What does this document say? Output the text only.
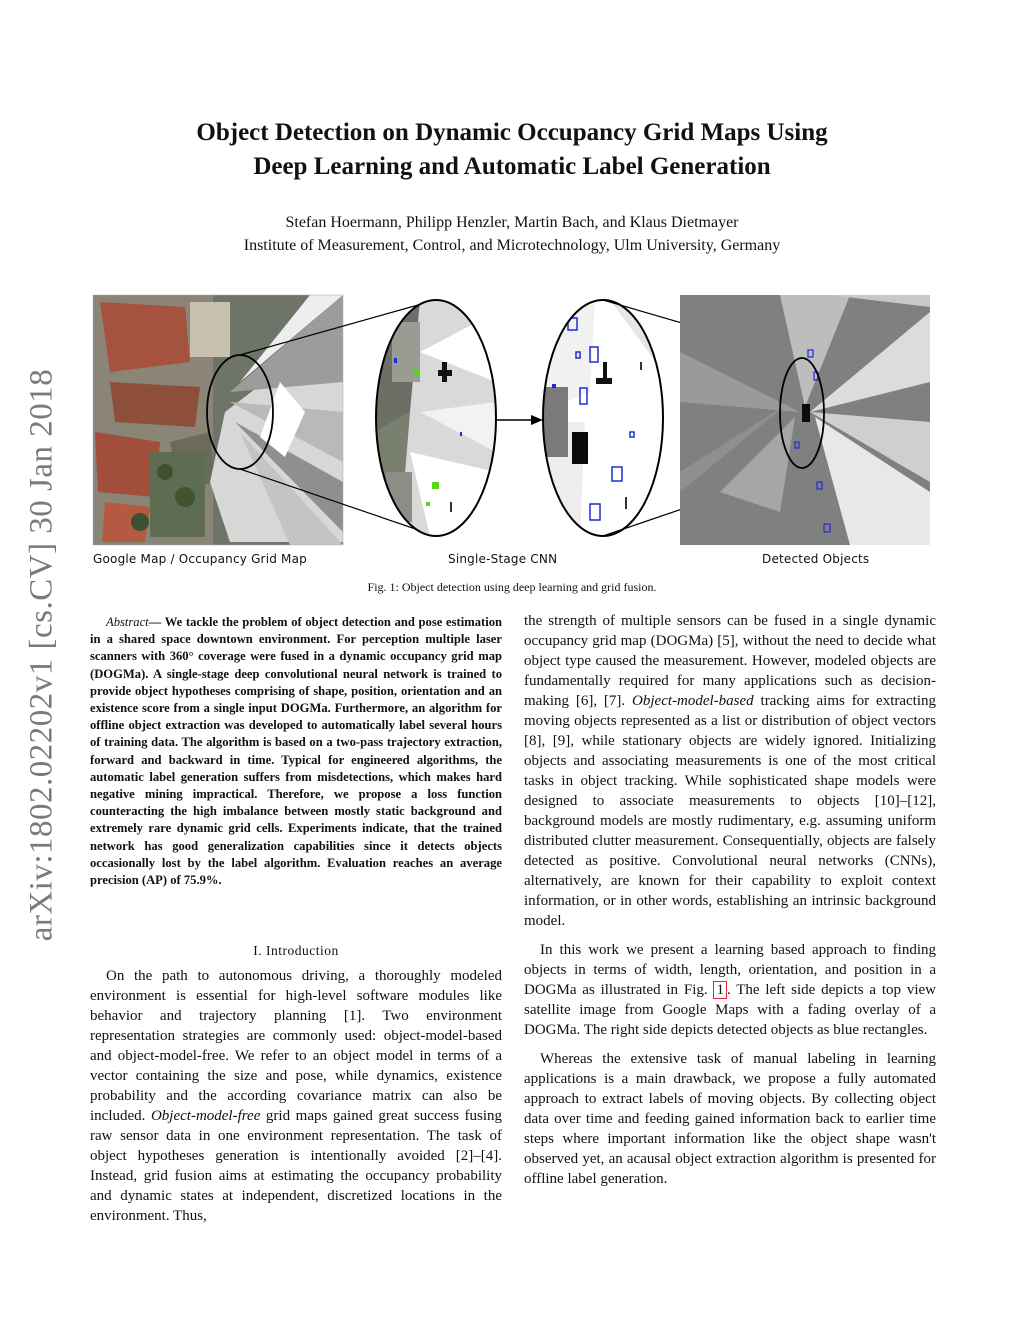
arXiv:1802.02202v1 [cs.CV] 30 Jan 2018
Object Detection on Dynamic Occupancy Grid Maps Using
Deep Learning and Automatic Label Generation
Stefan Hoermann, Philipp Henzler, Martin Bach, and Klaus Dietmayer
Institute of Measurement, Control, and Microtechnology, Ulm University, Germany
Google Map / Occupancy Grid Map	Single-Stage CNN	Detected Objects
Fig. 1: Object detection using deep learning and grid fusion.
Abstract— We tackle the problem of object detection and pose estimation in a shared space downtown environment. For perception multiple laser scanners with 360° coverage were fused in a dynamic occupancy grid map (DOGMa). A single-stage deep convolutional neural network is trained to provide object hypotheses comprising of shape, position, orientation and an existence score from a single input DOGMa. Furthermore, an algorithm for offline object extraction was developed to automatically label several hours of training data. The algorithm is based on a two-pass trajectory extraction, forward and backward in time. Typical for engineered algorithms, the automatic label generation suffers from misdetections, which makes hard negative mining impractical. Therefore, we propose a loss function counteracting the high imbalance between mostly static background and extremely rare dynamic grid cells. Experiments indicate, that the trained network has good generalization capabilities since it detects objects occasionally lost by the label algorithm. Evaluation reaches an average precision (AP) of 75.9%.
I. Introduction

On the path to autonomous driving, a thoroughly modeled environment is essential for high-level software modules like behavior and trajectory planning [1]. Two environment representation strategies are commonly used: object-model-based and object-model-free. We refer to an object model in terms of a vector containing the size and pose, while dynamics, existence probability and the according covariance matrix can also be included. Object-model-free grid maps gained great success fusing raw sensor data in one environment representation. The task of object hypotheses generation is intentionally avoided [2]–[4]. Instead, grid fusion aims at estimating the occupancy probability and dynamic states at independent, discretized locations in the environment. Thus,

the strength of multiple sensors can be fused in a single dynamic occupancy grid map (DOGMa) [5], without the need to decide what object type caused the measurement. However, modeled objects are fundamentally required for many applications such as decision-making [6], [7]. Object-model-based tracking aims for extracting moving objects represented as a list or distribution of object vectors [8], [9], while stationary objects are widely ignored. Initializing objects and associating measurements is one of the most critical tasks in object tracking. While sophisticated shape models were designed to associate measurements to objects [10]–[12], background models are mostly rudimentary, e.g. assuming uniform distributed clutter measurement. Consequentially, objects are falsely detected as positive. Convolutional neural networks (CNNs), alternatively, are known for their capability to exploit context information, or in other words, establishing an intrinsic background model.

In this work we present a learning based approach to finding objects in terms of width, length, orientation, and position in a DOGMa as illustrated in Fig. 1 . The left side depicts a top view satellite image from Google Maps with a fading overlay of a DOGMa. The right side depicts detected objects as blue rectangles.

Whereas the extensive task of manual labeling in learning applications is a main drawback, we propose a fully automated approach to extract labels of moving objects. By collecting object data over time and feeding gained information back to earlier time steps where important information like the object shape wasn't observed yet, an acausal object extraction algorithm is presented for offline label generation.
